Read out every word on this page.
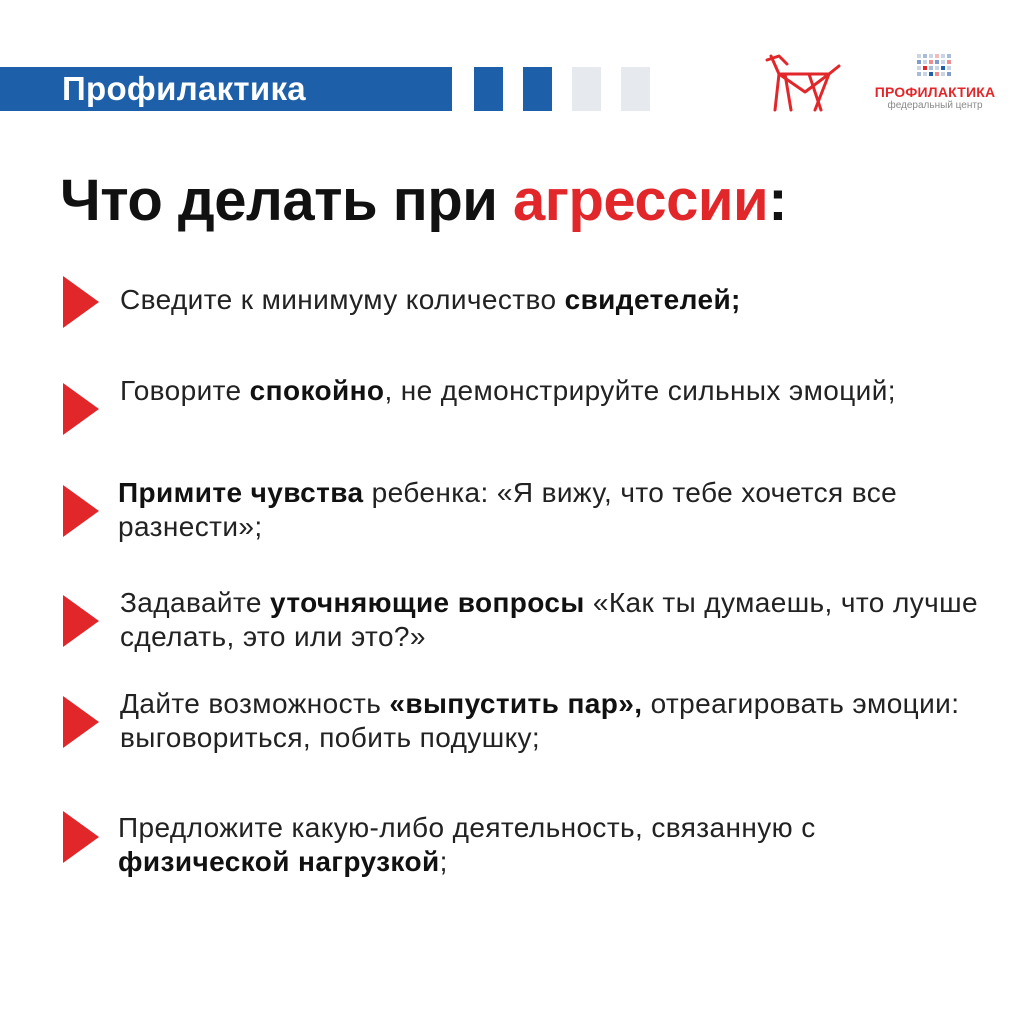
Профилактика	ПРОФИЛАКТИКА
федеральный центр
Что делать при агрессии:
Сведите к минимуму количество свидетелей;
Говорите спокойно, не демонстрируйте сильных эмоций;
Примите чувства ребенка: «Я вижу, что тебе хочется все разнести»;
Задавайте уточняющие вопросы «Как ты думаешь, что лучше сделать, это или это?»
Дайте возможность «выпустить пар», отреагировать эмоции: выговориться, побить подушку;
Предложите какую-либо деятельность, связанную с физической нагрузкой;
